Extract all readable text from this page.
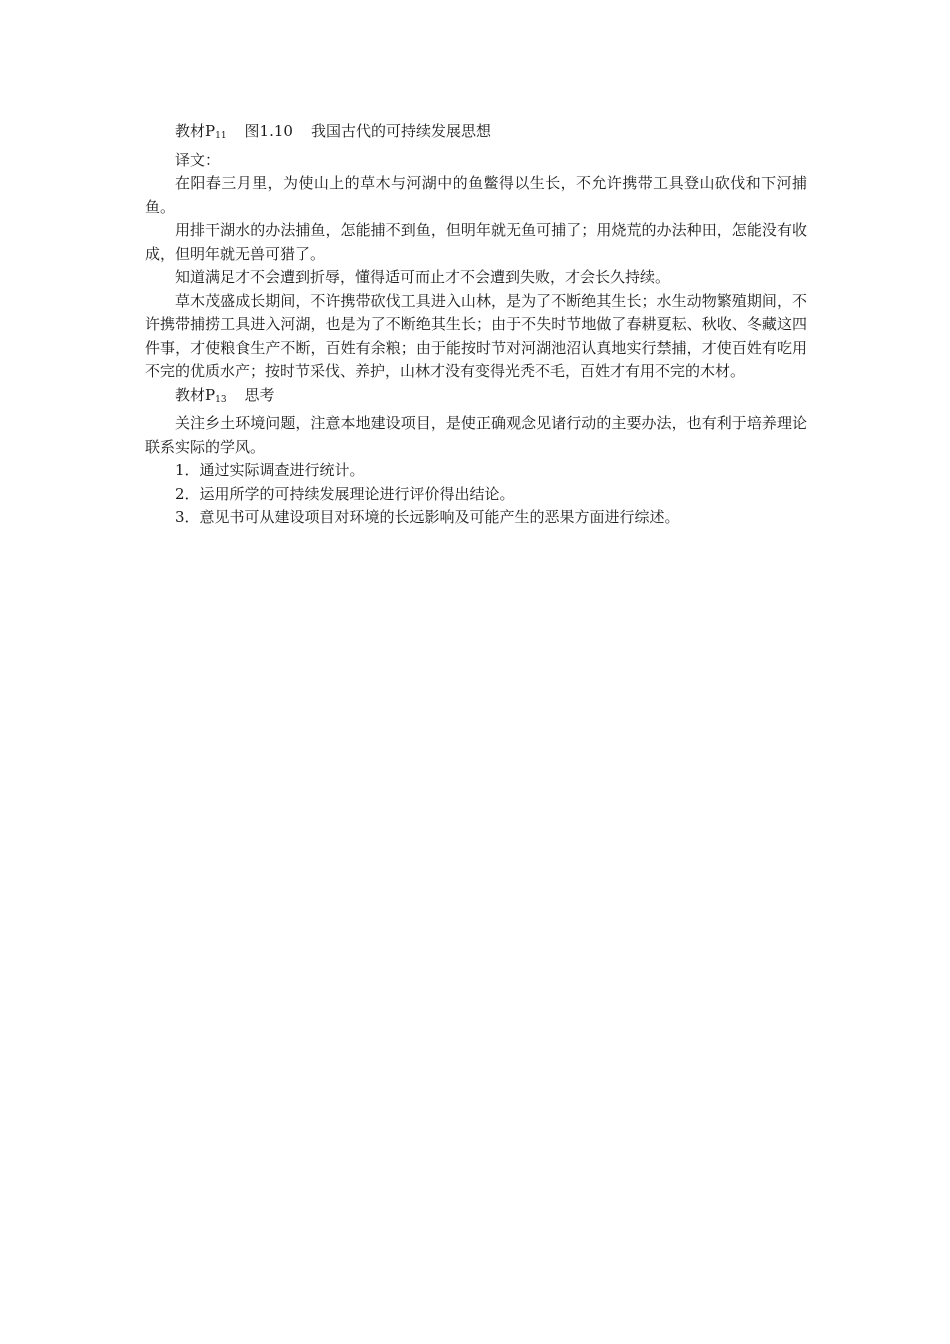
教材$P_{11}$ 图1.10 我国古代的可持续发展思想

译文：

在阳春三月里，为使山上的草木与河湖中的鱼鳖得以生长，不允许携带工具登山砍伐和下河捕鱼。

用排干湖水的办法捕鱼，怎能捕不到鱼，但明年就无鱼可捕了；用烧荒的办法种田，怎能没有收成，但明年就无兽可猎了。

知道满足才不会遭到折辱，懂得适可而止才不会遭到失败，才会长久持续。

草木茂盛成长期间，不许携带砍伐工具进入山林，是为了不断绝其生长；水生动物繁殖期间，不许携带捕捞工具进入河湖，也是为了不断绝其生长；由于不失时节地做了春耕夏耘、秋收、冬藏这四件事，才使粮食生产不断，百姓有余粮；由于能按时节对河湖池沼认真地实行禁捕，才使百姓有吃用不完的优质水产；按时节采伐、养护，山林才没有变得光秃不毛，百姓才有用不完的木材。

教材$P_{13}$ 思考

关注乡土环境问题，注意本地建设项目，是使正确观念见诸行动的主要办法，也有利于培养理论联系实际的学风。

1．通过实际调查进行统计。

2．运用所学的可持续发展理论进行评价得出结论。

3．意见书可从建设项目对环境的长远影响及可能产生的恶果方面进行综述。
